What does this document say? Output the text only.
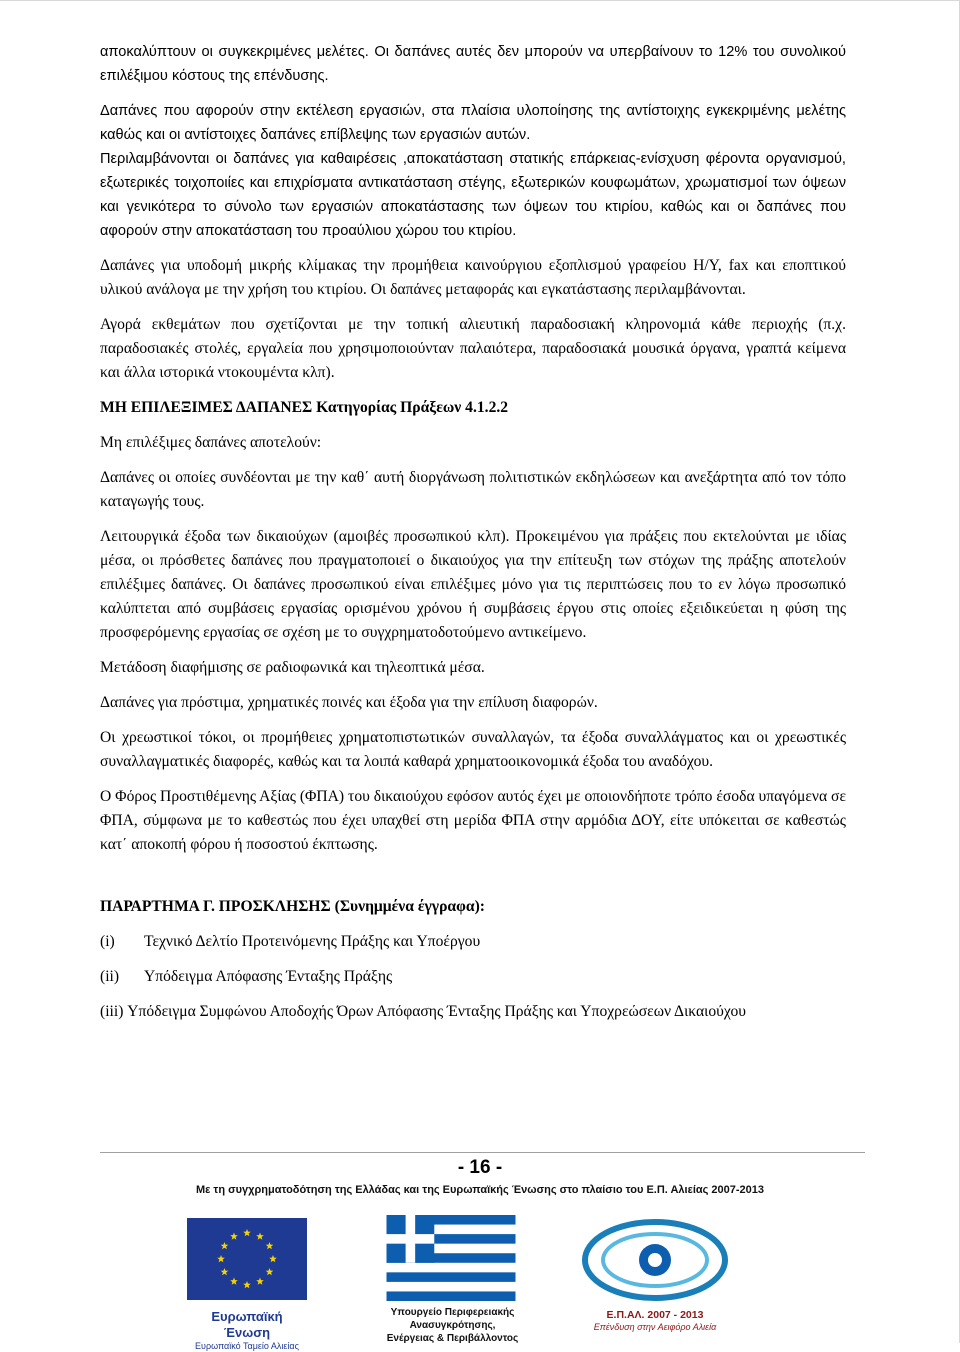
αποκαλύπτουν οι συγκεκριμένες μελέτες. Οι δαπάνες αυτές δεν μπορούν να υπερβαίνουν το 12% του συνολικού επιλέξιμου κόστους της επένδυσης.

Δαπάνες που αφορούν στην εκτέλεση εργασιών, στα πλαίσια υλοποίησης της αντίστοιχης εγκεκριμένης μελέτης καθώς και οι αντίστοιχες δαπάνες επίβλεψης των εργασιών αυτών.

Περιλαμβάνονται οι δαπάνες για καθαιρέσεις ,αποκατάσταση στατικής επάρκειας-ενίσχυση φέροντα οργανισμού, εξωτερικές τοιχοποιίες και επιχρίσματα αντικατάσταση στέγης, εξωτερικών κουφωμάτων, χρωματισμοί των όψεων και γενικότερα το σύνολο των εργασιών αποκατάστασης των όψεων του κτιρίου, καθώς και οι δαπάνες που αφορούν στην αποκατάσταση του προαύλιου χώρου του κτιρίου.

Δαπάνες για υποδομή μικρής κλίμακας την προμήθεια καινούργιου εξοπλισμού γραφείου Η/Υ, fax και εποπτικού υλικού ανάλογα με την χρήση του κτιρίου. Οι δαπάνες μεταφοράς και εγκατάστασης περιλαμβάνονται.

Αγορά εκθεμάτων που σχετίζονται με την τοπική αλιευτική παραδοσιακή κληρονομιά κάθε περιοχής (π.χ. παραδοσιακές στολές, εργαλεία που χρησιμοποιούνταν παλαιότερα, παραδοσιακά μουσικά όργανα, γραπτά κείμενα και άλλα ιστορικά ντοκουμέντα κλπ).

ΜΗ ΕΠΙΛΕΞΙΜΕΣ ΔΑΠΑΝΕΣ Κατηγορίας Πράξεων 4.1.2.2

Μη επιλέξιμες δαπάνες αποτελούν:

Δαπάνες οι οποίες συνδέονται με την καθ΄ αυτή διοργάνωση πολιτιστικών εκδηλώσεων και ανεξάρτητα από τον τόπο καταγωγής τους.

Λειτουργικά έξοδα των δικαιούχων (αμοιβές προσωπικού κλπ). Προκειμένου για πράξεις που εκτελούνται με ιδίας μέσα, οι πρόσθετες δαπάνες που πραγματοποιεί ο δικαιούχος για την επίτευξη των στόχων της πράξης αποτελούν επιλέξιμες δαπάνες. Οι δαπάνες προσωπικού είναι επιλέξιμες μόνο για τις περιπτώσεις που το εν λόγω προσωπικό καλύπτεται από συμβάσεις εργασίας ορισμένου χρόνου ή συμβάσεις έργου στις οποίες εξειδικεύεται η φύση της προσφερόμενης εργασίας σε σχέση με το συγχρηματοδοτούμενο αντικείμενο.

Μετάδοση διαφήμισης σε ραδιοφωνικά και τηλεοπτικά μέσα.

Δαπάνες για πρόστιμα, χρηματικές ποινές και έξοδα για την επίλυση διαφορών.

Οι χρεωστικοί τόκοι, οι προμήθειες χρηματοπιστωτικών συναλλαγών, τα έξοδα συναλλάγματος και οι χρεωστικές συναλλαγματικές διαφορές, καθώς και τα λοιπά καθαρά χρηματοοικονομικά έξοδα του αναδόχου.

Ο Φόρος Προστιθέμενης Αξίας (ΦΠΑ) του δικαιούχου εφόσον αυτός έχει με οποιονδήποτε τρόπο έσοδα υπαγόμενα σε ΦΠΑ, σύμφωνα με το καθεστώς που έχει υπαχθεί στη μερίδα ΦΠΑ στην αρμόδια ΔΟΥ, είτε υπόκειται σε καθεστώς κατ΄ αποκοπή φόρου ή ποσοστού έκπτωσης.

ΠΑΡΑΡΤΗΜΑ Γ. ΠΡΟΣΚΛΗΣΗΣ (Συνημμένα έγγραφα):

(i)	Τεχνικό Δελτίο Προτεινόμενης Πράξης και Υποέργου
(ii)	Υπόδειγμα Απόφασης Ένταξης Πράξης
(iii) Υπόδειγμα Συμφώνου Αποδοχής Όρων Απόφασης Ένταξης Πράξης και Υποχρεώσεων Δικαιούχου
- 16 -
Με τη συγχρηματοδότηση της Ελλάδας και της Ευρωπαϊκής Ένωσης στο πλαίσιο του Ε.Π. Αλιείας 2007-2013
Ευρωπαϊκή Ένωση
Ευρωπαϊκό Ταμείο Αλιείας
Υπουργείο Περιφερειακής Ανασυγκρότησης,
Ενέργειας & Περιβάλλοντος
Ε.Π.ΑΛ. 2007 - 2013
Επένδυση στην Αειφόρο Αλιεία
